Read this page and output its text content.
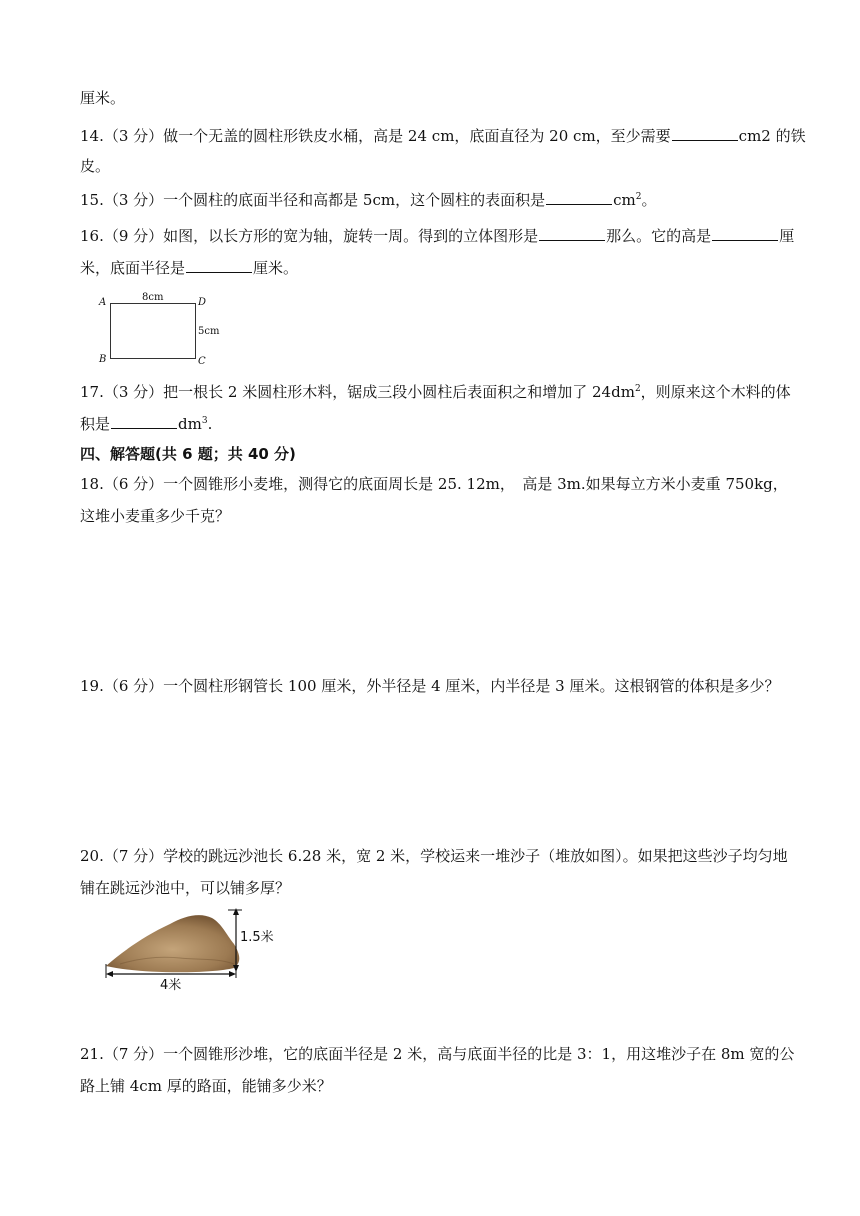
厘米。
14.（3 分）做一个无盖的圆柱形铁皮水桶，高是 24 cm，底面直径为 20 cm，至少需要	cm2 的铁
皮。
15.（3 分）一个圆柱的底面半径和高都是 5cm，这个圆柱的表面积是	$cm^2$。
16.（9 分）如图，以长方形的宽为轴，旋转一周。得到的立体图形是	那么。它的高是	厘
米，底面半径是	厘米。
A	D
B	C
8cm
5cm
17.（3 分）把一根长 2 米圆柱形木料，锯成三段小圆柱后表面积之和增加了 $24dm^2$，则原来这个木料的体
积是	$dm^3$.
四、解答题(共 6 题；共 40 分)
18.（6 分）一个圆锥形小麦堆，测得它的底面周长是 25. 12m，　高是 3m.如果每立方米小麦重 750kg，
这堆小麦重多少千克？
19.（6 分）一个圆柱形钢管长 100 厘米，外半径是 4 厘米，内半径是 3 厘米。这根钢管的体积是多少？
20.（7 分）学校的跳远沙池长 6.28 米，宽 2 米，学校运来一堆沙子（堆放如图）。如果把这些沙子均匀地
铺在跳远沙池中，可以铺多厚？
1.5米
4米
21.（7 分）一个圆锥形沙堆，它的底面半径是 2 米，高与底面半径的比是 3：1，用这堆沙子在 8m 宽的公
路上铺 4cm 厚的路面，能铺多少米？
